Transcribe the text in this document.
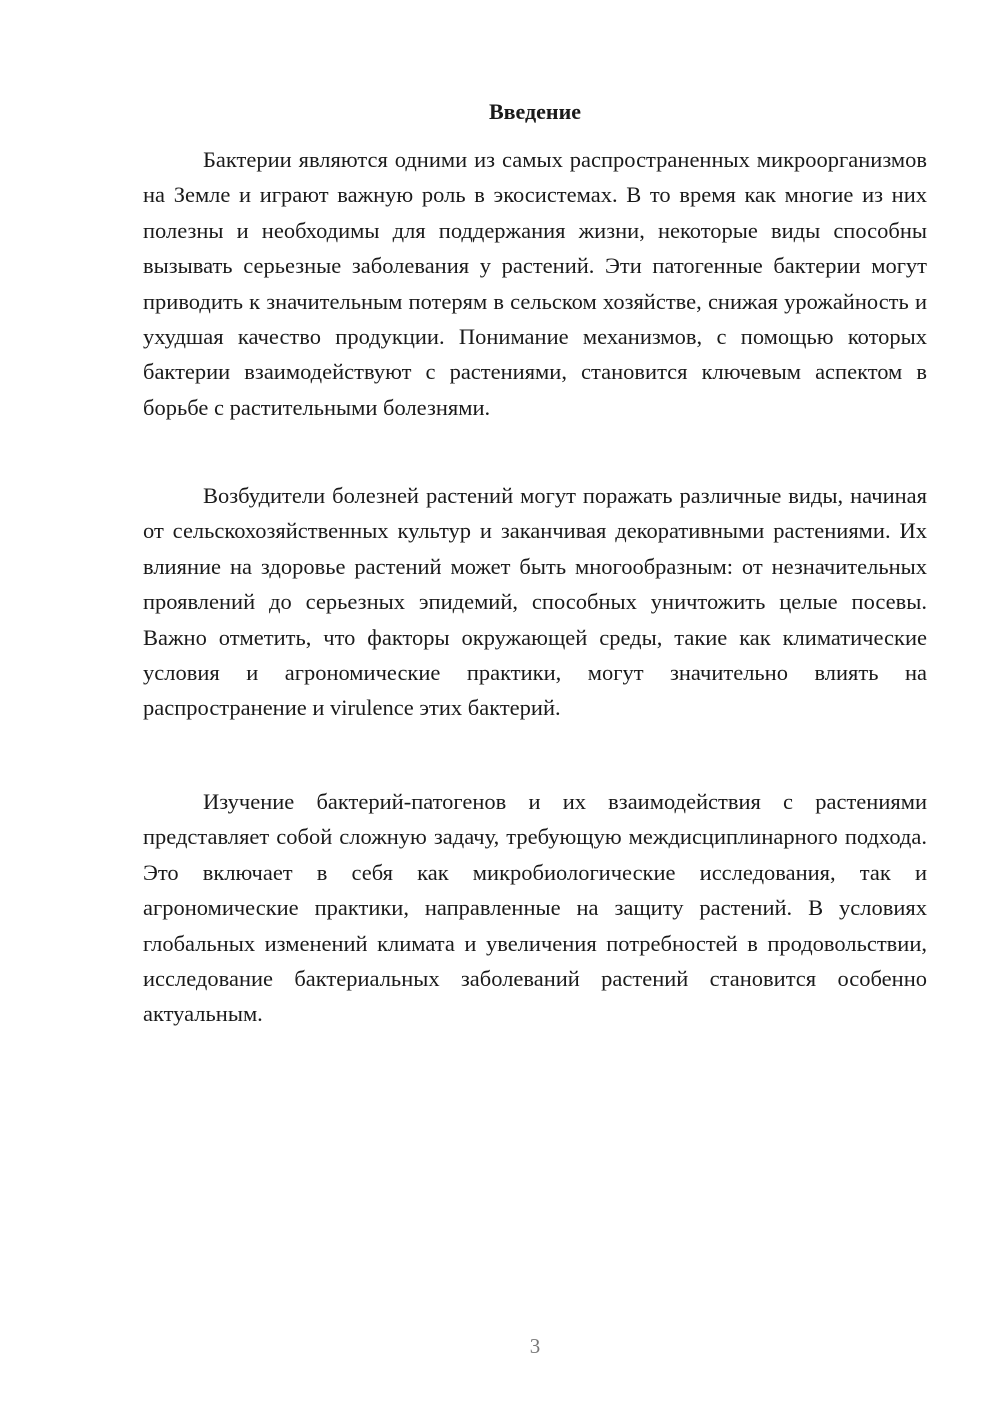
Введение

Бактерии являются одними из самых распространенных микроорганизмов на Земле и играют важную роль в экосистемах. В то время как многие из них полезны и необходимы для поддержания жизни, некоторые виды способны вызывать серьезные заболевания у растений. Эти патогенные бактерии могут приводить к значительным потерям в сельском хозяйстве, снижая урожайность и ухудшая качество продукции. Понимание механизмов, с помощью которых бактерии взаимодействуют с растениями, становится ключевым аспектом в борьбе с растительными болезнями.

Возбудители болезней растений могут поражать различные виды, начиная от сельскохозяйственных культур и заканчивая декоративными растениями. Их влияние на здоровье растений может быть многообразным: от незначительных проявлений до серьезных эпидемий, способных уничтожить целые посевы. Важно отметить, что факторы окружающей среды, такие как климатические условия и агрономические практики, могут значительно влиять на распространение и virulence этих бактерий.

Изучение бактерий-патогенов и их взаимодействия с растениями представляет собой сложную задачу, требующую междисциплинарного подхода. Это включает в себя как микробиологические исследования, так и агрономические практики, направленные на защиту растений. В условиях глобальных изменений климата и увеличения потребностей в продовольствии, исследование бактериальных заболеваний растений становится особенно актуальным.

3
